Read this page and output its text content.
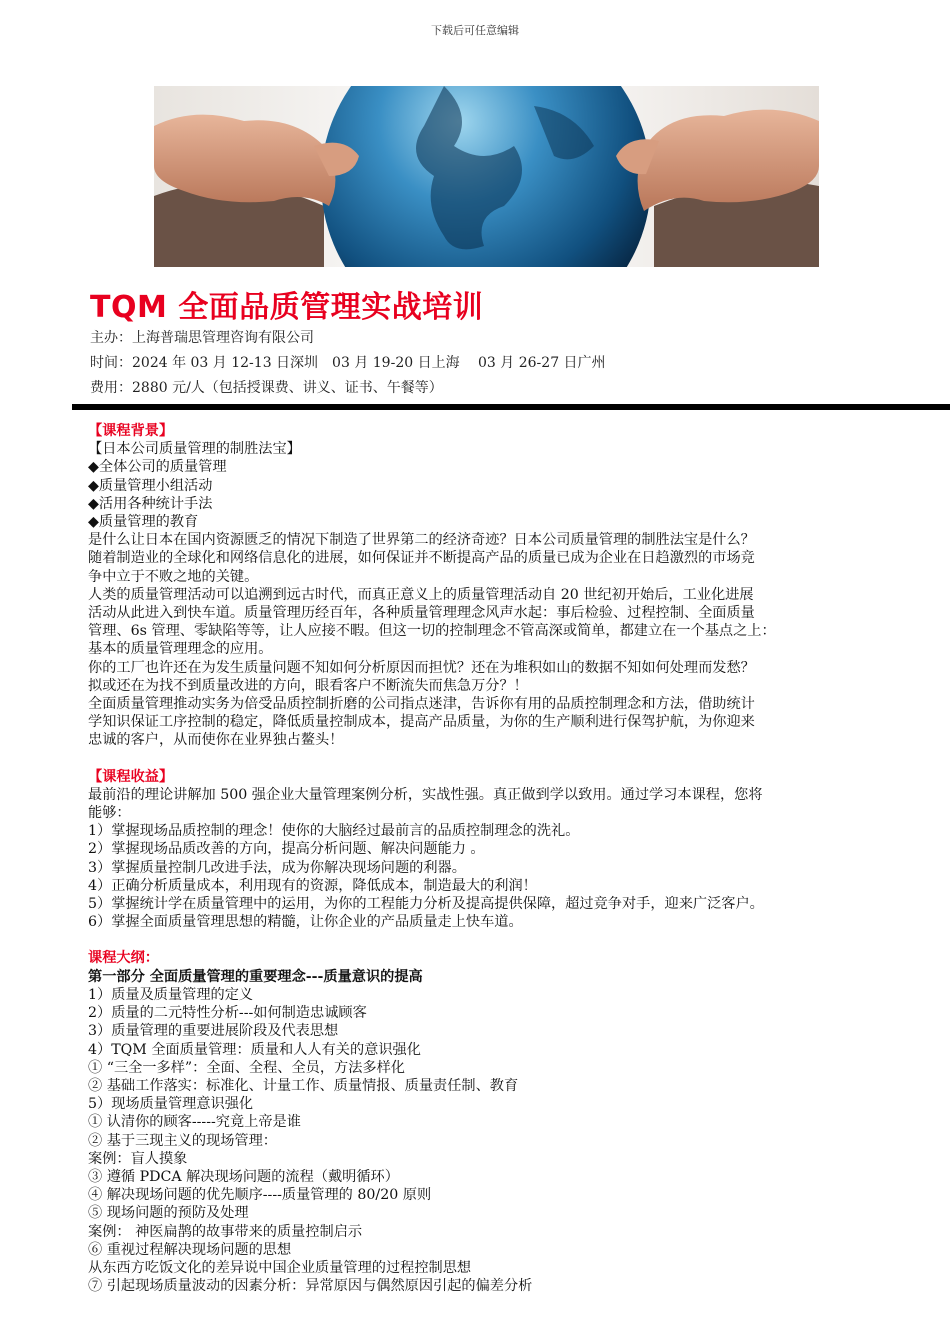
下载后可任意编辑
TQM 全面品质管理实战培训
主办：上海普瑞思管理咨询有限公司
时间：2024 年 03 月 12-13 日深圳　03 月 19-20 日上海　 03 月 26-27 日广州
费用：2880 元/人（包括授课费、讲义、证书、午餐等）
【课程背景】
【日本公司质量管理的制胜法宝】
◆全体公司的质量管理
◆质量管理小组活动
◆活用各种统计手法
◆质量管理的教育
是什么让日本在国内资源匮乏的情况下制造了世界第二的经济奇迹？日本公司质量管理的制胜法宝是什么？
随着制造业的全球化和网络信息化的进展，如何保证并不断提高产品的质量已成为企业在日趋激烈的市场竞
争中立于不败之地的关键。
人类的质量管理活动可以追溯到远古时代，而真正意义上的质量管理活动自 20 世纪初开始后，工业化进展
活动从此进入到快车道。质量管理历经百年，各种质量管理理念风声水起：事后检验、过程控制、全面质量
管理、6s 管理、零缺陷等等，让人应接不暇。但这一切的控制理念不管高深或简单，都建立在一个基点之上：
基本的质量管理理念的应用。
你的工厂也许还在为发生质量问题不知如何分析原因而担忧？还在为堆积如山的数据不知如何处理而发愁？
拟或还在为找不到质量改进的方向，眼看客户不断流失而焦急万分？！
全面质量管理推动实务为倍受品质控制折磨的公司指点迷津，告诉你有用的品质控制理念和方法，借助统计
学知识保证工序控制的稳定，降低质量控制成本，提高产品质量，为你的生产顺利进行保驾护航，为你迎来
忠诚的客户，从而使你在业界独占鳌头！
【课程收益】
最前沿的理论讲解加 500 强企业大量管理案例分析，实战性强。真正做到学以致用。通过学习本课程，您将
能够：
1）掌握现场品质控制的理念！使你的大脑经过最前言的品质控制理念的洗礼。
2）掌握现场品质改善的方向，提高分析问题、解决问题能力 。
3）掌握质量控制几改进手法，成为你解决现场问题的利器。
4）正确分析质量成本，利用现有的资源，降低成本，制造最大的利润！
5）掌握统计学在质量管理中的运用，为你的工程能力分析及提高提供保障，超过竞争对手，迎来广泛客户。
6）掌握全面质量管理思想的精髓，让你企业的产品质量走上快车道。
课程大纲：
第一部分 全面质量管理的重要理念---质量意识的提高
1）质量及质量管理的定义
2）质量的二元特性分析---如何制造忠诚顾客
3）质量管理的重要进展阶段及代表思想
4）TQM 全面质量管理：质量和人人有关的意识强化
① “三全一多样”：全面、全程、全员，方法多样化
② 基础工作落实：标准化、计量工作、质量情报、质量责任制、教育
5）现场质量管理意识强化
① 认清你的顾客-----究竟上帝是谁
② 基于三现主义的现场管理：
案例：盲人摸象
③ 遵循 PDCA 解决现场问题的流程（戴明循环）
④ 解决现场问题的优先顺序----质量管理的 80/20 原则
⑤ 现场问题的预防及处理
案例： 神医扁鹊的故事带来的质量控制启示
⑥ 重视过程解决现场问题的思想
从东西方吃饭文化的差异说中国企业质量管理的过程控制思想
⑦ 引起现场质量波动的因素分析：异常原因与偶然原因引起的偏差分析
